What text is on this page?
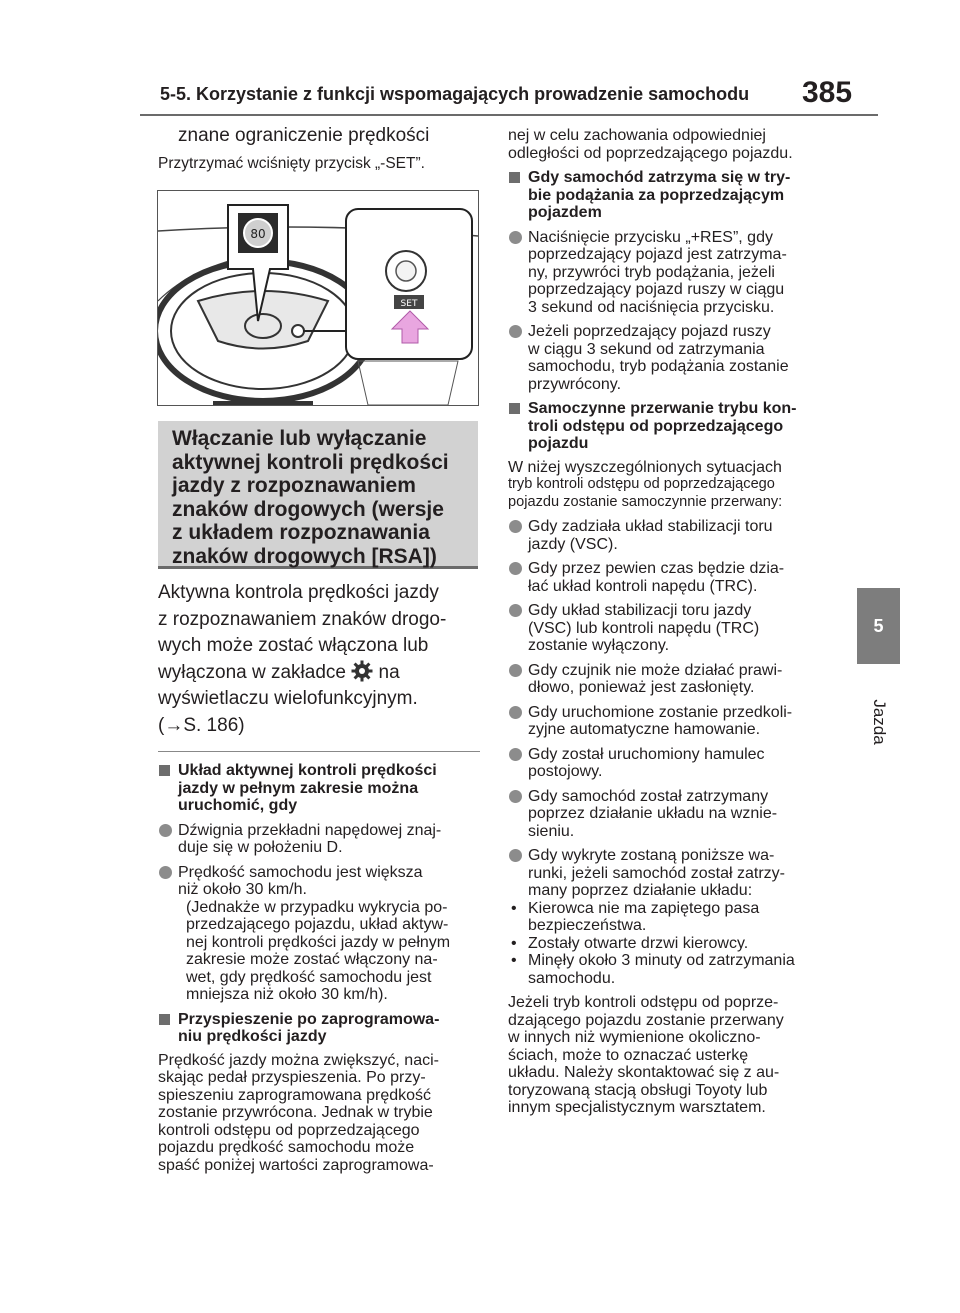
5-5. Korzystanie z funkcji wspomagających prowadzenie samochodu 385
5
Jazda

znane ograniczenie prędkości

Przytrzymać wciśnięty przycisk „-SET”.

80
SET
Włączanie lub wyłączanie
aktywnej kontroli prędkości
jazdy z rozpoznawaniem
znaków drogowych (wersje
z układem rozpoznawania
znaków drogowych [RSA])
Aktywna kontrola prędkości jazdy
z rozpoznawaniem znaków drogo-
wych może zostać włączona lub
wyłączona w zakładce na
wyświetlaczu wielofunkcyjnym.
(→S. 186)
Układ aktywnej kontroli prędkości
jazdy w pełnym zakresie można
uruchomić, gdy
Dźwignia przekładni napędowej znaj-
duje się w położeniu D.
Prędkość samochodu jest większa
niż około 30 km/h.
(Jednakże w przypadku wykrycia po-
przedzającego pojazdu, układ aktyw-
nej kontroli prędkości jazdy w pełnym
zakresie może zostać włączony na-
wet, gdy prędkość samochodu jest
mniejsza niż około 30 km/h).
Przyspieszenie po zaprogramowa-
niu prędkości jazdy
Prędkość jazdy można zwiększyć, naci-
skając pedał przyspieszenia. Po przy-
spieszeniu zaprogramowana prędkość
zostanie przywrócona. Jednak w trybie
kontroli odstępu od poprzedzającego
pojazdu prędkość samochodu może
spaść poniżej wartości zaprogramowa-
nej w celu zachowania odpowiedniej
odległości od poprzedzającego pojazdu.
Gdy samochód zatrzyma się w try-
bie podążania za poprzedzającym
pojazdem
Naciśnięcie przycisku „+RES”, gdy
poprzedzający pojazd jest zatrzyma-
ny, przywróci tryb podążania, jeżeli
poprzedzający pojazd ruszy w ciągu
3 sekund od naciśnięcia przycisku.
Jeżeli poprzedzający pojazd ruszy
w ciągu 3 sekund od zatrzymania
samochodu, tryb podążania zostanie
przywrócony.
Samoczynne przerwanie trybu kon-
troli odstępu od poprzedzającego
pojazdu
W niżej wyszczególnionych sytuacjach
tryb kontroli odstępu od poprzedzającego
pojazdu zostanie samoczynnie przerwany:
Gdy zadziała układ stabilizacji toru
jazdy (VSC).
Gdy przez pewien czas będzie dzia-
łać układ kontroli napędu (TRC).
Gdy układ stabilizacji toru jazdy
(VSC) lub kontroli napędu (TRC)
zostanie wyłączony.
Gdy czujnik nie może działać prawi-
dłowo, ponieważ jest zasłonięty.
Gdy uruchomione zostanie przedkoli-
zyjne automatyczne hamowanie.
Gdy został uruchomiony hamulec
postojowy.
Gdy samochód został zatrzymany
poprzez działanie układu na wznie-
sieniu.
Gdy wykryte zostaną poniższe wa-
runki, jeżeli samochód został zatrzy-
many poprzez działanie układu:
• Kierowca nie ma zapiętego pasa
bezpieczeństwa.
• Zostały otwarte drzwi kierowcy.
• Minęły około 3 minuty od zatrzymania
samochodu.
Jeżeli tryb kontroli odstępu od poprze-
dzającego pojazdu zostanie przerwany
w innych niż wymienione okoliczno-
ściach, może to oznaczać usterkę
układu. Należy skontaktować się z au-
toryzowaną stacją obsługi Toyoty lub
innym specjalistycznym warsztatem.
